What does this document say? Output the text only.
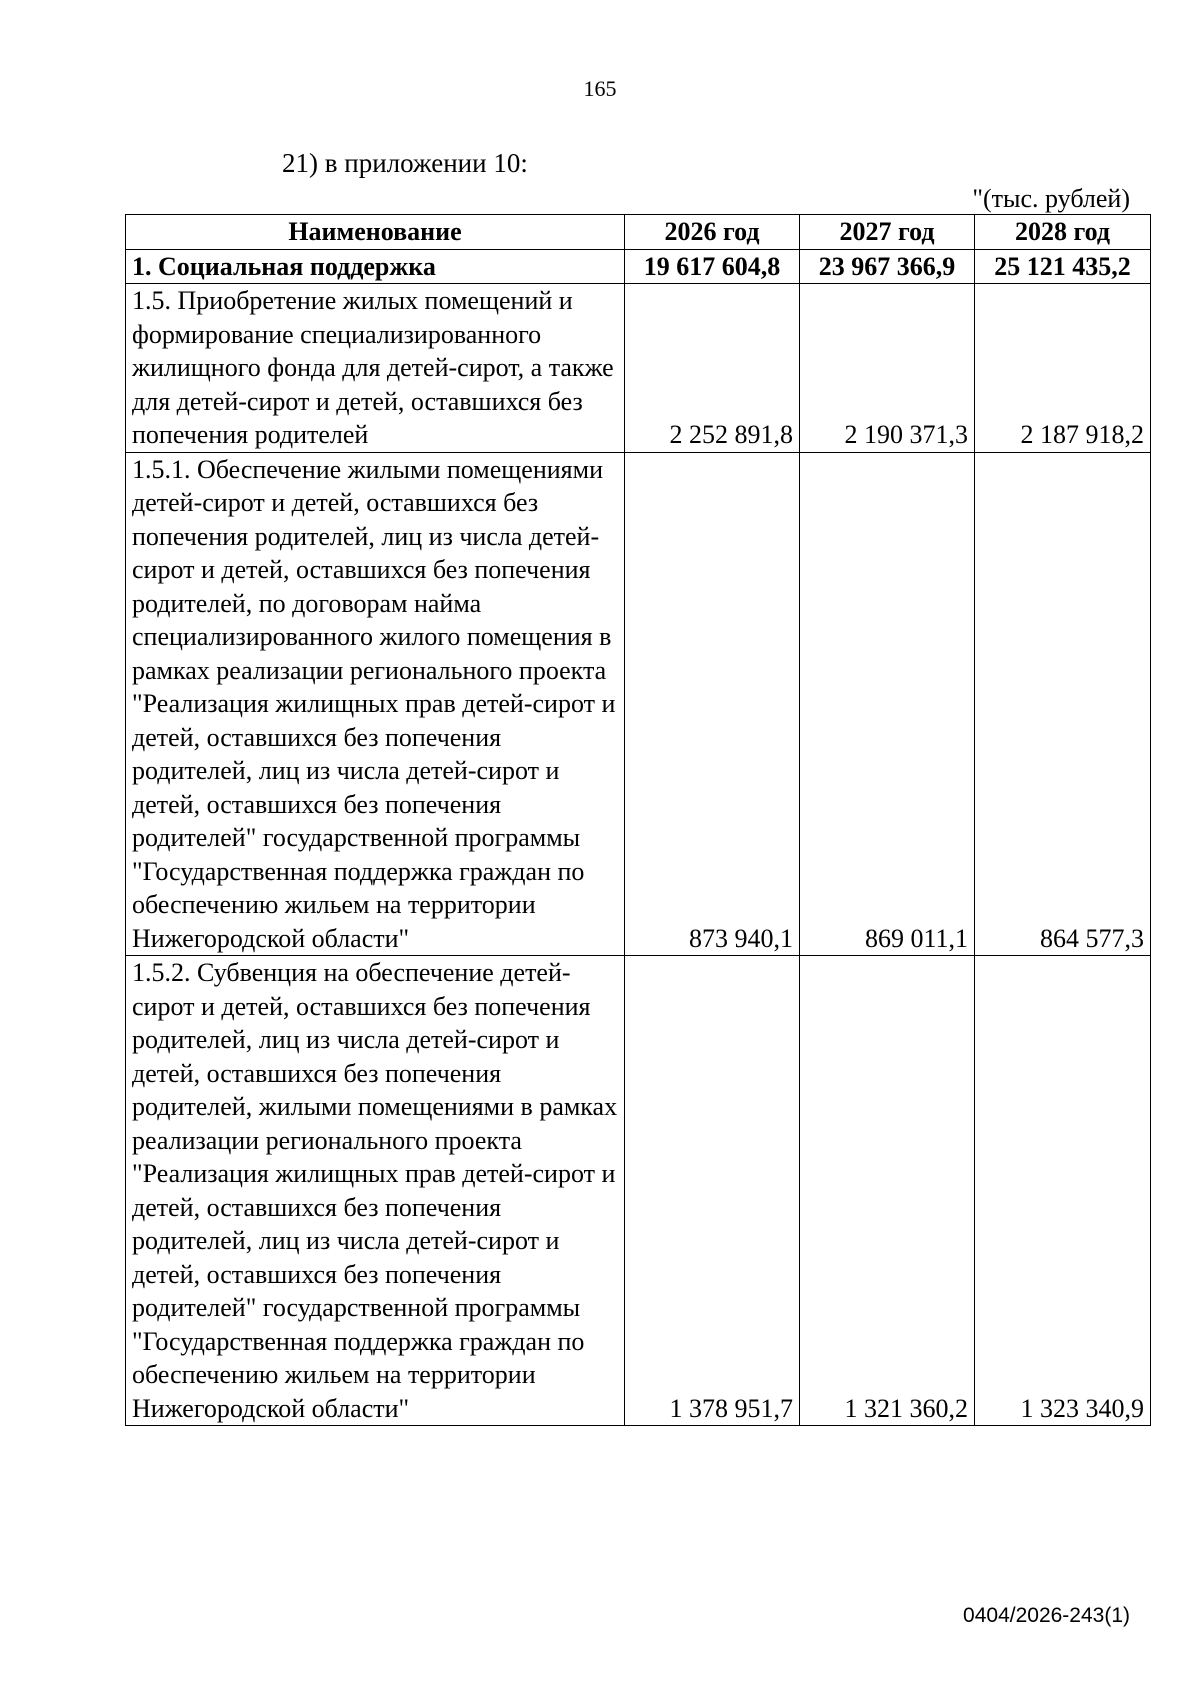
165
21) в приложении 10:
"(тыс. рублей)
Наименование	2026 год	2027 год	2028 год
1. Социальная поддержка	19 617 604,8	23 967 366,9	25 121 435,2
1.5. Приобретение жилых помещений и формирование специализированного жилищного фонда для детей-сирот, а также для детей-сирот и детей, оставшихся без попечения родителей	2 252 891,8	2 190 371,3	2 187 918,2
1.5.1. Обеспечение жилыми помещениями детей-сирот и детей, оставшихся без попечения родителей, лиц из числа детей-сирот и детей, оставшихся без попечения родителей, по договорам найма специализированного жилого помещения в рамках реализации регионального проекта "Реализация жилищных прав детей-сирот и детей, оставшихся без попечения родителей, лиц из числа детей-сирот и детей, оставшихся без попечения родителей" государственной программы "Государственная поддержка граждан по обеспечению жильем на территории Нижегородской области"	873 940,1	869 011,1	864 577,3
1.5.2. Субвенция на обеспечение детей-сирот и детей, оставшихся без попечения родителей, лиц из числа детей-сирот и детей, оставшихся без попечения родителей, жилыми помещениями в рамках реализации регионального проекта "Реализация жилищных прав детей-сирот и детей, оставшихся без попечения родителей, лиц из числа детей-сирот и детей, оставшихся без попечения родителей" государственной программы "Государственная поддержка граждан по обеспечению жильем на территории Нижегородской области"	1 378 951,7	1 321 360,2	1 323 340,9
0404/2026-243(1)
